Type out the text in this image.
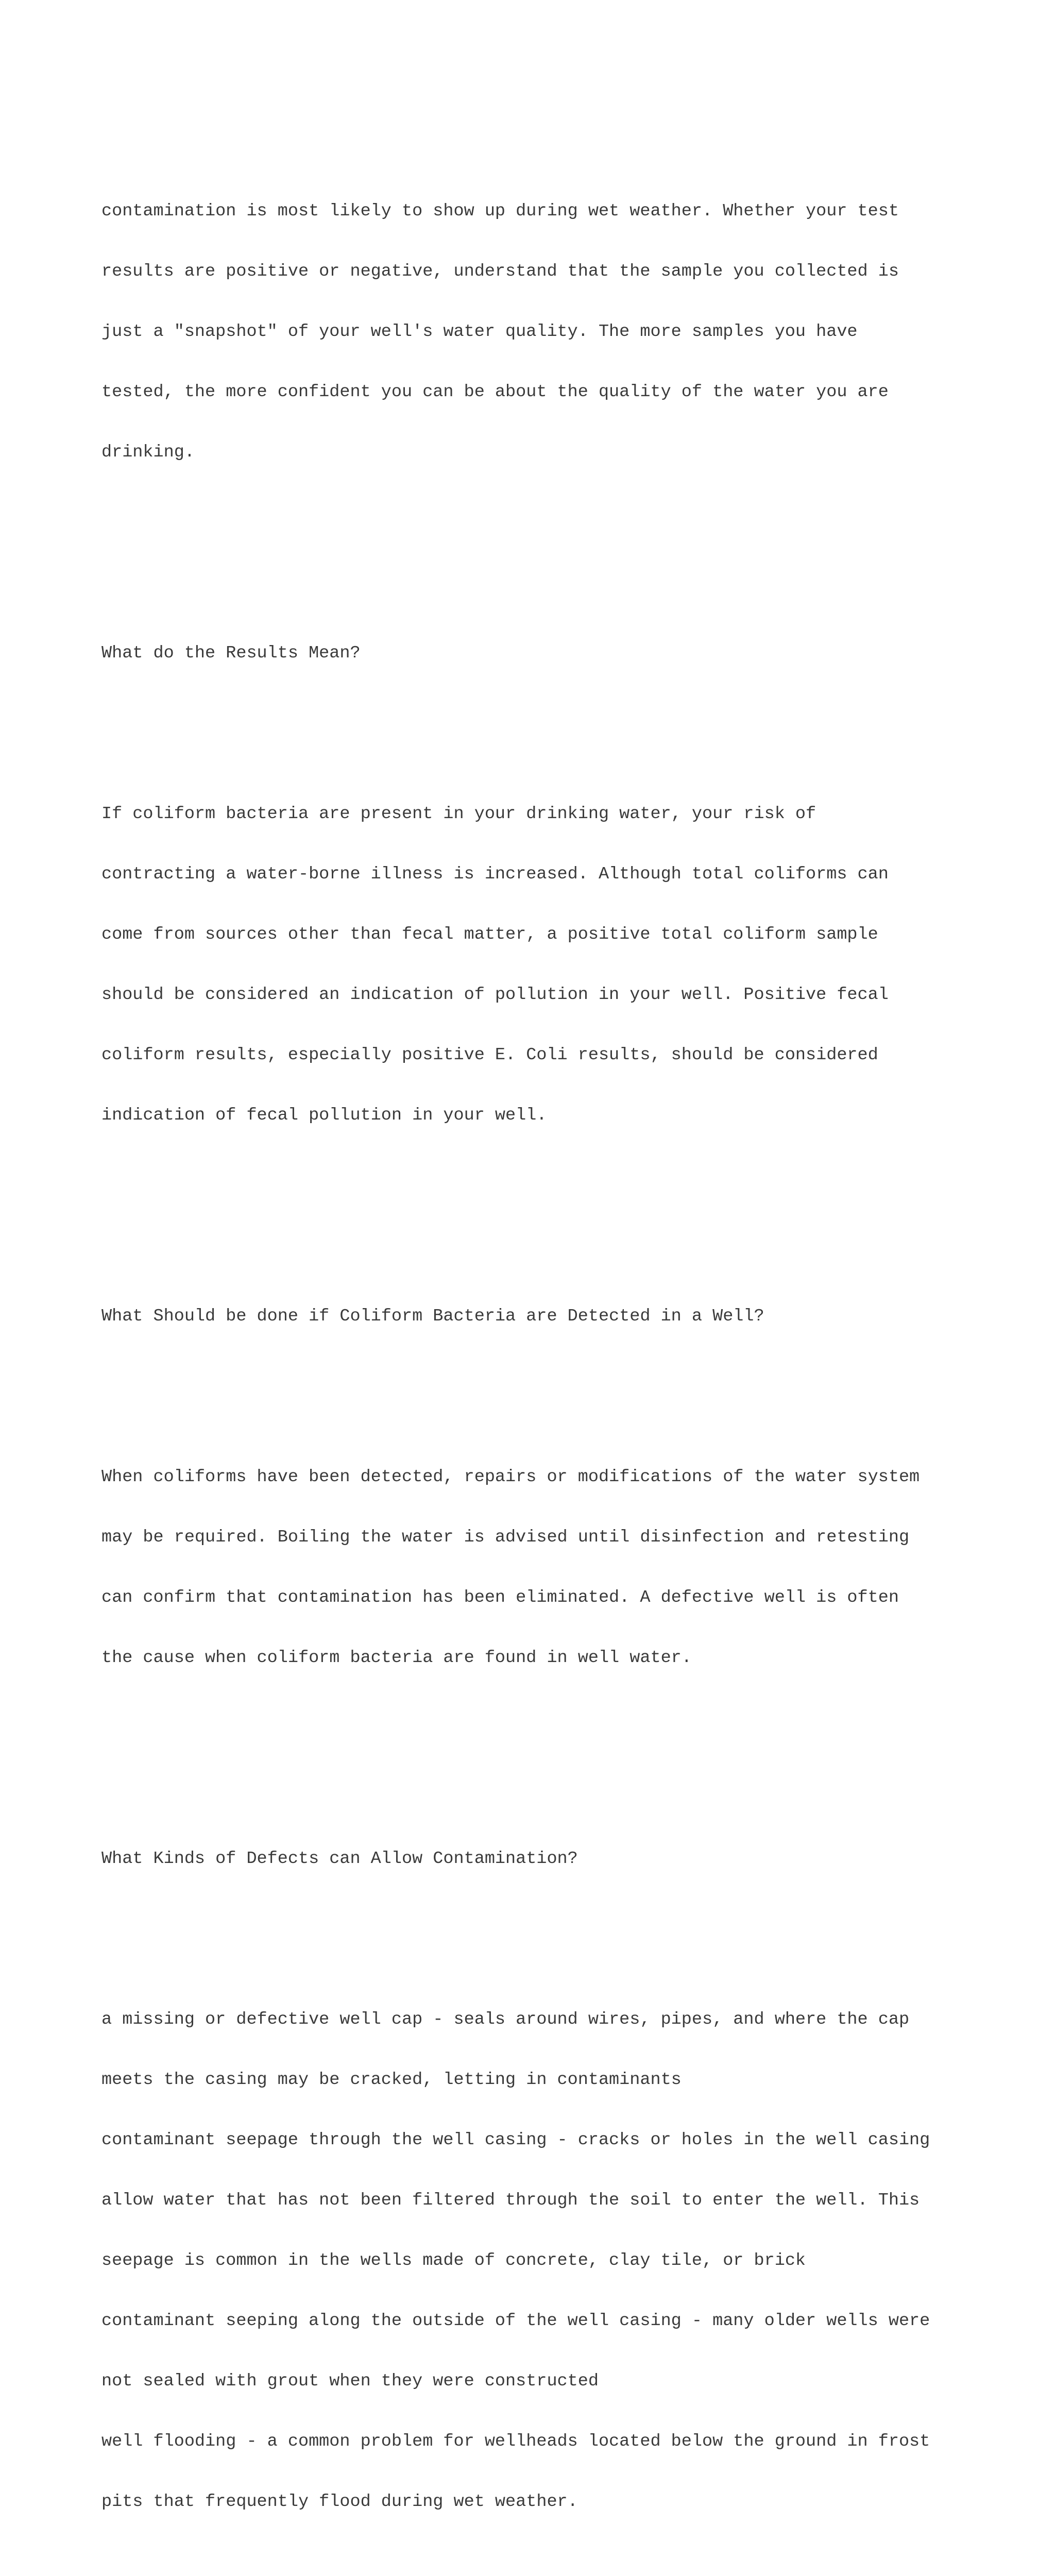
contamination is most likely to show up during wet weather. Whether your test

results are positive or negative, understand that the sample you collected is

just a "snapshot" of your well's water quality. The more samples you have

tested, the more confident you can be about the quality of the water you are

drinking.

What do the Results Mean?

If coliform bacteria are present in your drinking water, your risk of

contracting a water-borne illness is increased. Although total coliforms can

come from sources other than fecal matter, a positive total coliform sample

should be considered an indication of pollution in your well. Positive fecal

coliform results, especially positive E. Coli results, should be considered

indication of fecal pollution in your well.

What Should be done if Coliform Bacteria are Detected in a Well?

When coliforms have been detected, repairs or modifications of the water system

may be required. Boiling the water is advised until disinfection and retesting

can confirm that contamination has been eliminated. A defective well is often

the cause when coliform bacteria are found in well water.

What Kinds of Defects can Allow Contamination?

a missing or defective well cap - seals around wires, pipes, and where the cap

meets the casing may be cracked, letting in contaminants

contaminant seepage through the well casing - cracks or holes in the well casing

allow water that has not been filtered through the soil to enter the well. This

seepage is common in the wells made of concrete, clay tile, or brick

contaminant seeping along the outside of the well casing - many older wells were

not sealed with grout when they were constructed

well flooding - a common problem for wellheads located below the ground in frost

pits that frequently flood during wet weather.
